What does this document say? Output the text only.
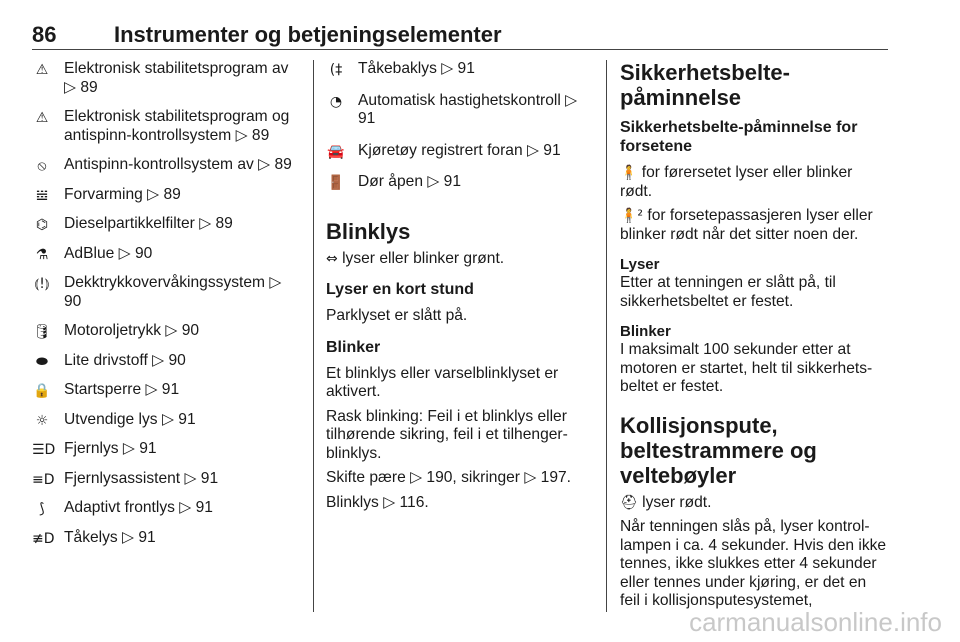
86	Instrumenter og betjeningselementer
⚠ Elektronisk stabilitetsprogram av ▷ 89
⚠ Elektronisk stabilitetsprogram og antispinn-kontrollsystem ▷ 89
⦸	Antispinn-kontrollsystem av ▷ 89
𝍂 Forvarming ▷ 89
⌬ Dieselpartikkelfilter ▷ 89
⚗ AdBlue ▷ 90
⦅!⦆ Dekktrykkovervåkingssystem ▷ 90
🛢 Motoroljetrykk ▷ 90
⬬ Lite drivstoff ▷ 90
🔒 Startsperre ▷ 91
☼ Utvendige lys ▷ 91
☰D Fjernlys ▷ 91
≡D Fjernlysassistent ▷ 91
⟆	Adaptivt frontlys ▷ 91
≢D Tåkelys ▷ 91
(‡ Tåkebaklys ▷ 91
◔ Automatisk hastighetskontroll ▷ 91
🚘 Kjøretøy registrert foran ▷ 91
🚪 Dør åpen ▷ 91
Blinklys
⇔ lyser eller blinker grønt.
Lyser en kort stund
Parklyset er slått på.
Blinker
Et blinklys eller varselblinklyset er aktivert.
Rask blinking: Feil i et blinklys eller tilhørende sikring, feil i et tilhenger-blinklys.
Skifte pære ▷ 190, sikringer ▷ 197.
Blinklys ▷ 116.
Sikkerhetsbelte-påminnelse
Sikkerhetsbelte-påminnelse for forsetene
🧍 for førersetet lyser eller blinker rødt.
🧍² for forsetepassasjeren lyser eller blinker rødt når det sitter noen der.
Lyser
Etter at tenningen er slått på, til sikkerhetsbeltet er festet.
Blinker
I maksimalt 100 sekunder etter at motoren er startet, helt til sikkerhets-beltet er festet.
Kollisjonspute, beltestrammere og veltebøyler
⛑ lyser rødt.
Når tenningen slås på, lyser kontrol-lampen i ca. 4 sekunder. Hvis den ikke tennes, ikke slukkes etter 4 sekunder eller tennes under kjøring, er det en feil i kollisjonsputesystemet,
carmanualsonline.info
